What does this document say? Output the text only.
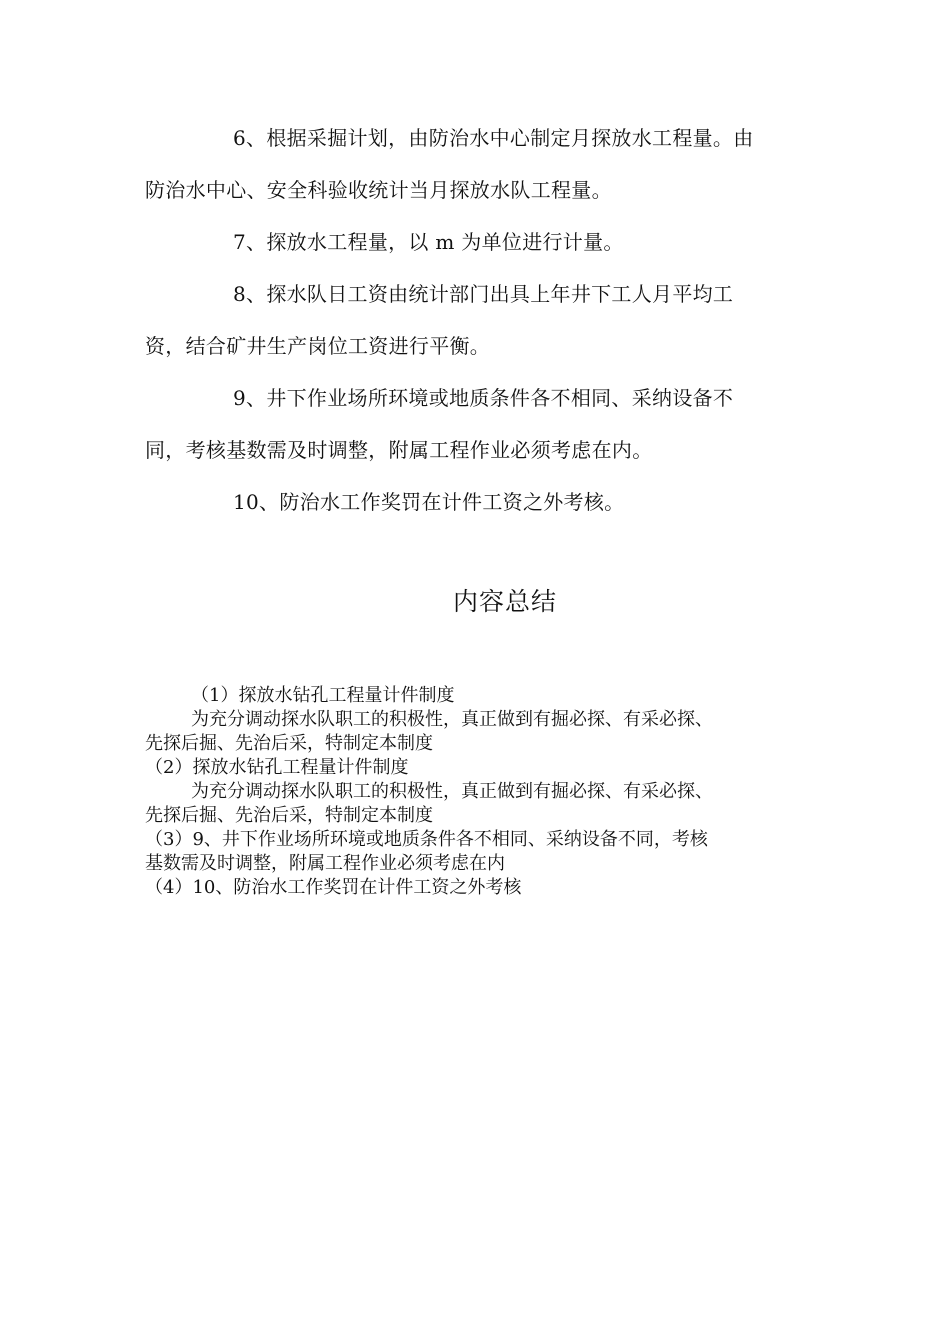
6、根据采掘计划，由防治水中心制定月探放水工程量。由
防治水中心、安全科验收统计当月探放水队工程量。
7、探放水工程量，以 m 为单位进行计量。
8、探水队日工资由统计部门出具上年井下工人月平均工
资，结合矿井生产岗位工资进行平衡。
9、井下作业场所环境或地质条件各不相同、采纳设备不
同，考核基数需及时调整，附属工程作业必须考虑在内。
10、防治水工作奖罚在计件工资之外考核。
内容总结
（1）探放水钻孔工程量计件制度
为充分调动探水队职工的积极性，真正做到有掘必探、有采必探、
先探后掘、先治后采，特制定本制度
（2）探放水钻孔工程量计件制度
为充分调动探水队职工的积极性，真正做到有掘必探、有采必探、
先探后掘、先治后采，特制定本制度
（3）9、井下作业场所环境或地质条件各不相同、采纳设备不同，考核
基数需及时调整，附属工程作业必须考虑在内
（4）10、防治水工作奖罚在计件工资之外考核
